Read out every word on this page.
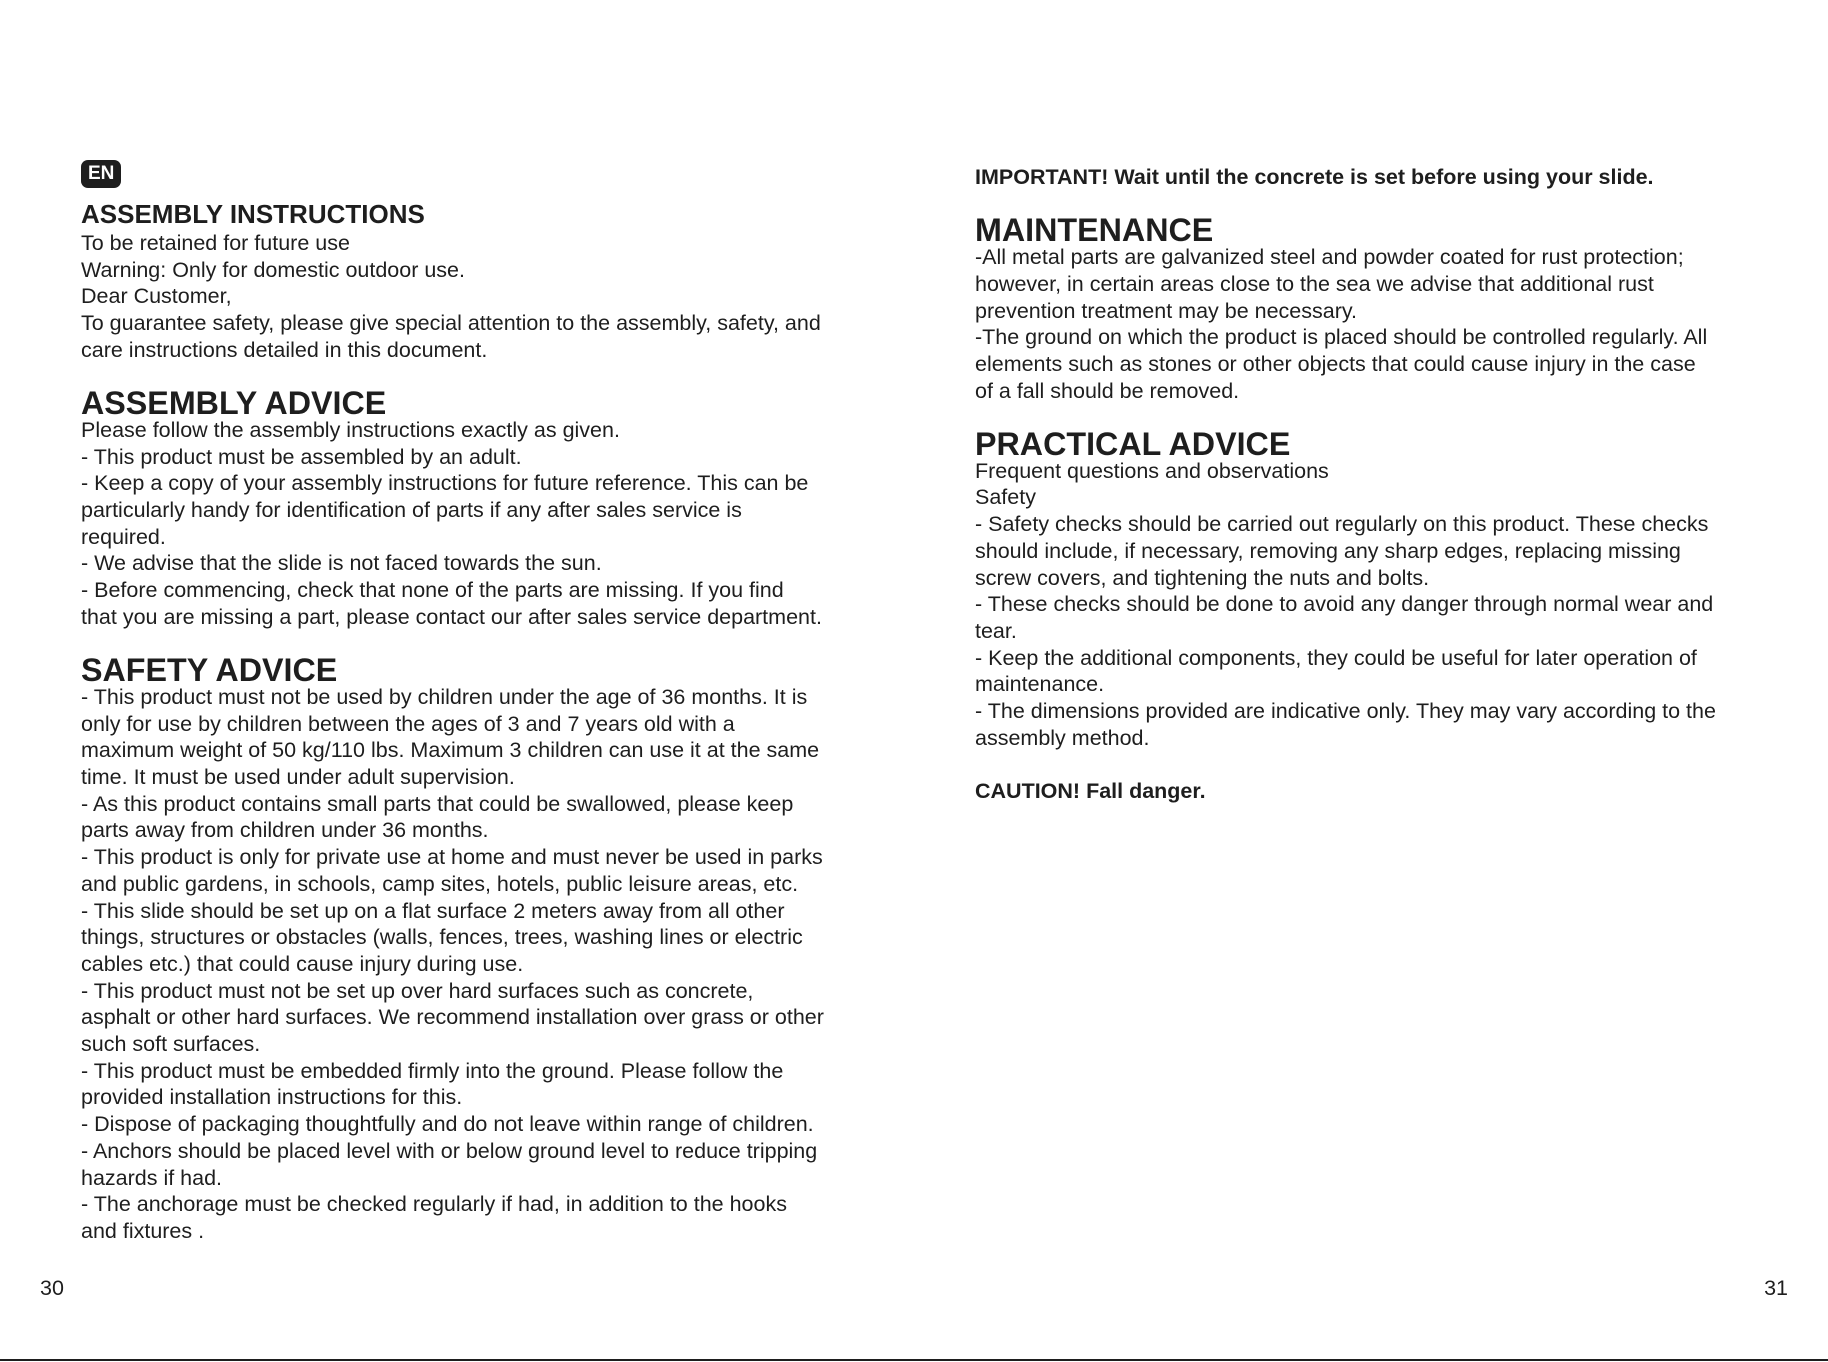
EN
ASSEMBLY INSTRUCTIONS

To be retained for future use

Warning: Only for domestic outdoor use.

Dear Customer,

To guarantee safety, please give special attention to the assembly, safety, and

care instructions detailed in this document.

ASSEMBLY ADVICE

Please follow the assembly instructions exactly as given.

- This product must be assembled by an adult.

- Keep a copy of your assembly instructions for future reference. This can be

particularly handy for identification of parts if any after sales service is

required.

- We advise that the slide is not faced towards the sun.

- Before commencing, check that none of the parts are missing. If you find

that you are missing a part, please contact our after sales service department.

SAFETY ADVICE

- This product must not be used by children under the age of 36 months. It is

only for use by children between the ages of 3 and 7 years old with a

maximum weight of 50 kg/110 lbs. Maximum 3 children can use it at the same

time. It must be used under adult supervision.

- As this product contains small parts that could be swallowed, please keep

parts away from children under 36 months.

- This product is only for private use at home and must never be used in parks

and public gardens, in schools, camp sites, hotels, public leisure areas, etc.

- This slide should be set up on a flat surface 2 meters away from all other

things, structures or obstacles (walls, fences, trees, washing lines or electric

cables etc.) that could cause injury during use.

- This product must not be set up over hard surfaces such as concrete,

asphalt or other hard surfaces. We recommend installation over grass or other

such soft surfaces.

- This product must be embedded firmly into the ground. Please follow the

provided installation instructions for this.

- Dispose of packaging thoughtfully and do not leave within range of children.

- Anchors should be placed level with or below ground level to reduce tripping

hazards if had.

- The anchorage must be checked regularly if had, in addition to the hooks

and fixtures .

IMPORTANT! Wait until the concrete is set before using your slide.

MAINTENANCE

-All metal parts are galvanized steel and powder coated for rust protection;

however, in certain areas close to the sea we advise that additional rust

prevention treatment may be necessary.

-The ground on which the product is placed should be controlled regularly. All

elements such as stones or other objects that could cause injury in the case

of a fall should be removed.

PRACTICAL ADVICE

Frequent questions and observations

Safety

- Safety checks should be carried out regularly on this product. These checks

should include, if necessary, removing any sharp edges, replacing missing

screw covers, and tightening the nuts and bolts.

- These checks should be done to avoid any danger through normal wear and

tear.

- Keep the additional components, they could be useful for later operation of

maintenance.

- The dimensions provided are indicative only. They may vary according to the

assembly method.

CAUTION! Fall danger.

30	31
